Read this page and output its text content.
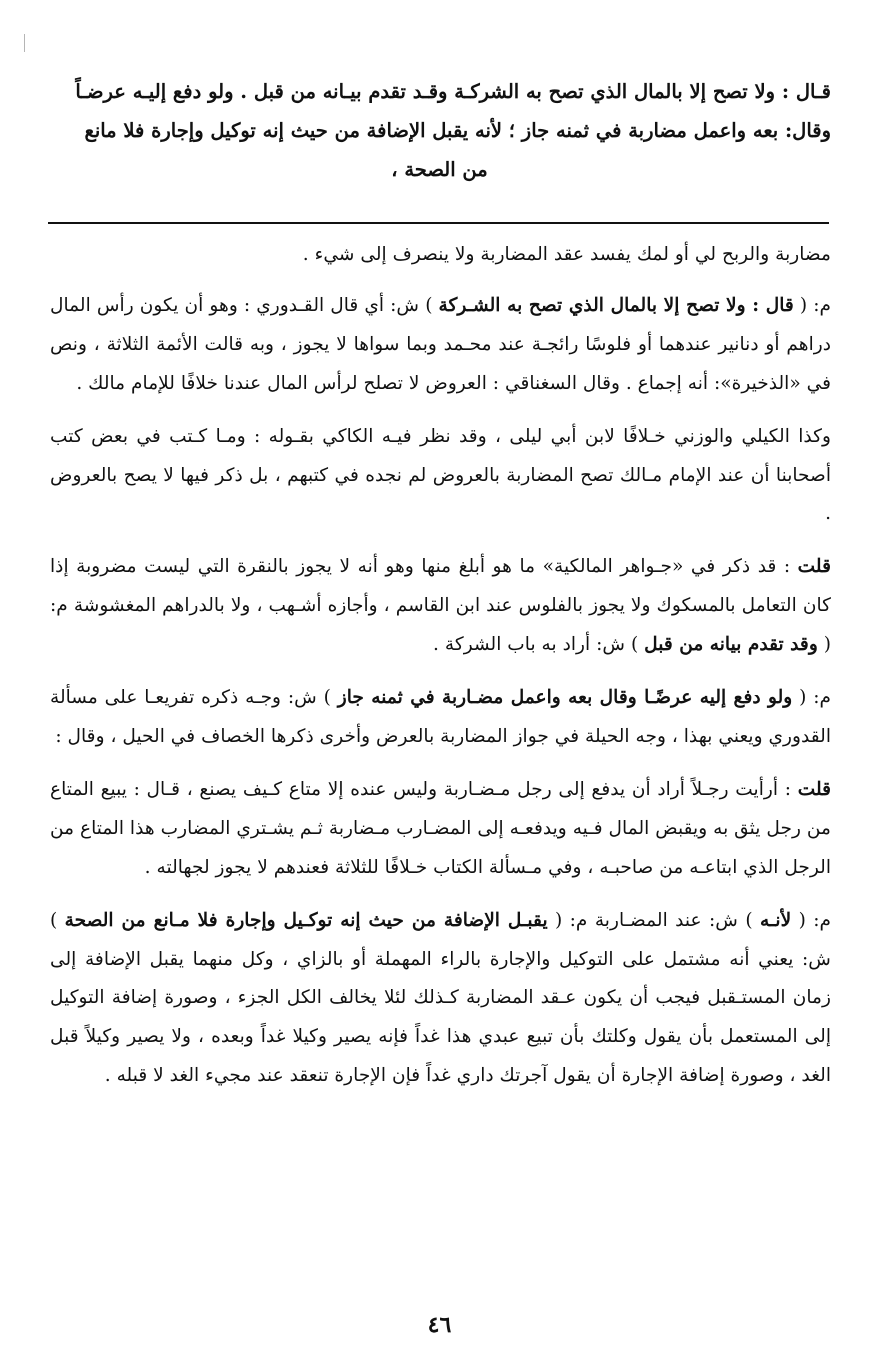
قـال : ولا تصح إلا بالمال الذي تصح به الشركـة وقـد تقدم بيـانه من قبل . ولو دفع إليـه عرضـاً

وقال: بعه واعمل مضاربة في ثمنه جاز ؛ لأنه يقبل الإضافة من حيث إنه توكيل وإجارة فلا مانع

من الصحة ،

مضاربة والربح لي أو لمك يفسد عقد المضاربة ولا ينصرف إلى شيء .

م: ( قال : ولا تصح إلا بالمال الذي تصح به الشـركة ) ش: أي قال القـدوري : وهو أن يكون رأس المال دراهم أو دنانير عندهما أو فلوسًا رائجـة عند محـمد وبما سواها لا يجوز ، وبه قالت الأئمة الثلاثة ، ونص في «الذخيرة»: أنه إجماع . وقال السغناقي : العروض لا تصلح لرأس المال عندنا خلافًا للإمام مالك .

وكذا الكيلي والوزني خـلافًا لابن أبي ليلى ، وقد نظر فيـه الكاكي بقـوله : ومـا كـتب في بعض كتب أصحابنا أن عند الإمام مـالك تصح المضاربة بالعروض لم نجده في كتبهم ، بل ذكر فيها لا يصح بالعروض .

قلت : قد ذكر في «جـواهر المالكية» ما هو أبلغ منها وهو أنه لا يجوز بالنقرة التي ليست مضروبة إذا كان التعامل بالمسكوك ولا يجوز بالفلوس عند ابن القاسم ، وأجازه أشـهب ، ولا بالدراهم المغشوشة م: ( وقد تقدم بيانه من قبل ) ش: أراد به باب الشركة .

م: ( ولو دفع إليه عرضًـا وقال بعه واعمل مضـاربة في ثمنه جاز ) ش: وجـه ذكره تفريعـا على مسألة القدوري ويعني بهذا ، وجه الحيلة في جواز المضاربة بالعرض وأخرى ذكرها الخصاف في الحيل ، وقال :

قلت : أرأيت رجـلاً أراد أن يدفع إلى رجل مـضـاربة وليس عنده إلا متاع كـيف يصنع ، قـال : يبيع المتاع من رجل يثق به ويقبض المال فـيه ويدفعـه إلى المضـارب مـضاربة ثـم يشـتري المضارب هذا المتاع من الرجل الذي ابتاعـه من صاحبـه ، وفي مـسألة الكتاب خـلافًا للثلاثة فعندهم لا يجوز لجهالته .

م: ( لأنـه ) ش: عند المضـاربة م: ( يقبـل الإضافة من حيث إنه توكـيل وإجارة فلا مـانع من الصحة ) ش: يعني أنه مشتمل على التوكيل والإجارة بالراء المهملة أو بالزاي ، وكل منهما يقبل الإضافة إلى زمان المستـقبل فيجب أن يكون عـقد المضاربة كـذلك لئلا يخالف الكل الجزء ، وصورة إضافة التوكيل إلى المستعمل بأن يقول وكلتك بأن تبيع عبدي هذا غداً فإنه يصير وكيلا غداً وبعده ، ولا يصير وكيلاً قبل الغد ، وصورة إضافة الإجارة أن يقول آجرتك داري غداً فإن الإجارة تنعقد عند مجيء الغد لا قبله .

٤٦
